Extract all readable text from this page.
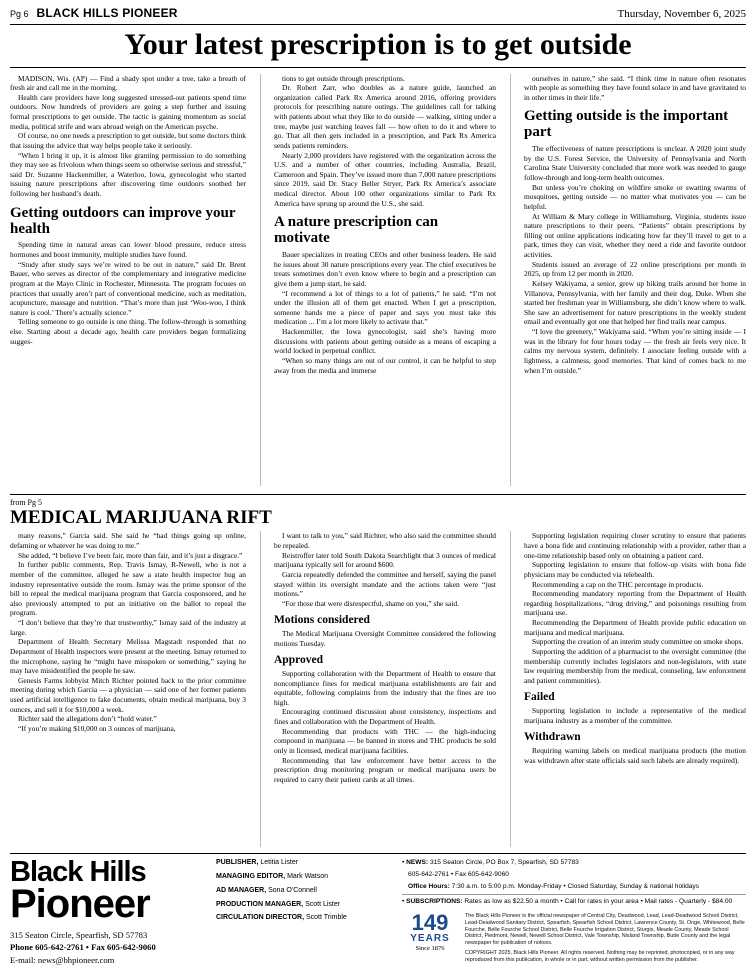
Pg 6 BLACK HILLS PIONEER	Thursday, November 6, 2025
Your latest prescription is to get outside

MADISON, Wis. (AP) — Find a shady spot under a tree, take a breath of fresh air and call me in the morning.

Health care providers have long suggested stressed-out patients spend time outdoors. Now hundreds of providers are going a step further and issuing formal prescriptions to get outside. The tactic is gaining momentum as social media, political strife and wars abroad weigh on the American psyche.

Of course, no one needs a prescription to get outside, but some doctors think that issuing the advice that way helps people take it seriously.

“When I bring it up, it is almost like granting permission to do something they may see as frivolous when things seem so otherwise serious and stressful,” said Dr. Suzanne Hackenmiller, a Waterloo, Iowa, gynecologist who started issuing nature prescriptions after discovering time outdoors soothed her following her husband’s death.

Getting outdoors can improve your health

Spending time in natural areas can lower blood pressure, reduce stress hormones and boost immunity, multiple studies have found.

“Study after study says we’re wired to be out in nature,” said Dr. Brent Bauer, who serves as director of the complementary and integrative medicine program at the Mayo Clinic in Rochester, Minnesota. The program focuses on practices that usually aren’t part of conventional medicine, such as meditation, acupuncture, massage and nutrition. “That’s more than just ‘Woo-woo, I think nature is cool.’ There’s actually science.”

Telling someone to go outside is one thing. The follow-through is something else. Starting about a decade ago, health care providers began formalizing sugges-

tions to get outside through prescriptions.

Dr. Robert Zarr, who doubles as a nature guide, launched an organization called Park Rx America around 2016, offering providers protocols for prescribing nature outings. The guidelines call for talking with patients about what they like to do outside — walking, sitting under a tree, maybe just watching leaves fall — how often to do it and where to go. That all then gets included in a prescription, and Park Rx America sends patients reminders.

Nearly 2,000 providers have registered with the organization across the U.S. and a number of other countries, including Australia, Brazil, Cameroon and Spain. They’ve issued more than 7,000 nature prescriptions since 2019, said Dr. Stacy Beller Stryer, Park Rx America’s associate medical director. About 100 other organizations similar to Park Rx America have sprung up around the U.S., she said.

A nature prescription can motivate

Bauer specializes in treating CEOs and other business leaders. He said he issues about 30 nature prescriptions every year. The chief executives he treats sometimes don’t even know where to begin and a prescription can give them a jump start, he said.

“I recommend a lot of things to a lot of patients,” he said. “I’m not under the illusion all of them get enacted. When I get a prescription, someone hands me a piece of paper and says you must take this medication ... I’m a lot more likely to activate that.”

Hackenmiller, the Iowa gynecologist, said she’s having more discussions with patients about getting outside as a means of escaping a world locked in perpetual conflict.

“When so many things are out of our control, it can be helpful to step away from the media and immerse

ourselves in nature,” she said. “I think time in nature often resonates with people as something they have found solace in and have gravitated to in other times in their life.”

Getting outside is the important part

The effectiveness of nature prescriptions is unclear. A 2020 joint study by the U.S. Forest Service, the University of Pennsylvania and North Carolina State University concluded that more work was needed to gauge follow-through and long-term health outcomes.

But unless you’re choking on wildfire smoke or swatting swarms of mosquitoes, getting outside — no matter what motivates you — can be helpful.

At William & Mary college in Williamsburg, Virginia, students issue nature prescriptions to their peers. “Patients” obtain prescriptions by filling out online applications indicating how far they’ll travel to get to a park, times they can visit, whether they need a ride and favorite outdoor activities.

Students issued an average of 22 online prescriptions per month in 2025, up from 12 per month in 2020.

Kelsey Wakiyama, a senior, grew up hiking trails around her home in Villanova, Pennsylvania, with her family and their dog, Duke. When she started her freshman year in Williamsburg, she didn’t know where to walk. She saw an advertisement for nature prescriptions in the weekly student email and eventually got one that helped her find trails near campus.

“I love the greenery,” Wakiyama said. “When you’re sitting inside — I was in the library for four hours today — the fresh air feels very nice. It calms my nervous system, definitely. I associate feeling outside with a lightness, a calmness, good memories. That kind of comes back to me when I’m outside.”

from Pg 5
MEDICAL MARIJUANA RIFT

many reasons,” Garcia said. She said he “had things going up online, defaming or whatever he was doing to me.”

She added, “I believe I’ve been fair, more than fair, and it’s just a disgrace.”

In further public comments, Rep. Travis Ismay, R-Newell, who is not a member of the committee, alleged he saw a state health inspector hug an industry representative outside the room. Ismay was the prime sponsor of the bill to repeal the medical marijuana program that Garcia cosponsored, and he also previously attempted to put an initiative on the ballot to repeal the program.

“I don’t believe that they’re that trustworthy,” Ismay said of the industry at large.

Department of Health Secretary Melissa Magstadt responded that no Department of Health inspectors were present at the meeting. Ismay returned to the microphone, saying he “might have misspoken or something,” saying he may have misidentified the people he saw.

Genesis Farms lobbyist Mitch Richter pointed back to the prior committee meeting during which Garcia — a physician — said one of her former patients used artificial intelligence to fake documents, obtain medical marijuana, buy 3 ounces, and sell it for $10,000 a week.

Richter said the allegations don’t “hold water.”

“If you’re making $10,000 on 3 ounces of marijuana,

I want to talk to you,” said Richter, who also said the committee should be repealed.

Reistroffer later told South Dakota Searchlight that 3 ounces of medical marijuana typically sell for around $600.

Garcia repeatedly defended the committee and herself, saying the panel stayed within its oversight mandate and the actions taken were “just motions.”

“For those that were disrespectful, shame on you,” she said.

Motions considered

The Medical Marijuana Oversight Committee considered the following motions Tuesday.

Approved

Supporting collaboration with the Department of Health to ensure that noncompliance fines for medical marijuana establishments are fair and equitable, following complaints from the industry that the fines are too high.

Encouraging continued discussion about consistency, inspections and fines and collaboration with the Department of Health.

Recommending that products with THC — the high-inducing compound in marijuana — be banned in stores and THC products be sold only in licensed, medical marijuana facilities.

Recommending that law enforcement have better access to the prescription drug monitoring program or medical marijuana users be required to carry their patient cards at all times.

Supporting legislation requiring closer scrutiny to ensure that patients have a bona fide and continuing relationship with a provider, rather than a one-time relationship based only on obtaining a patient card.

Supporting legislation to ensure that follow-up visits with bona fide physicians may be conducted via telehealth.

Recommending a cap on the THC percentage in products.

Recommending mandatory reporting from the Department of Health regarding hospitalizations, “drug driving,” and poisonings resulting from marijuana use.

Recommending the Department of Health provide public education on marijuana and medical marijuana.

Supporting the creation of an interim study committee on smoke shops.

Supporting the addition of a pharmacist to the oversight committee (the membership currently includes legislators and non-legislators, with state law requiring membership from the medical, counseling, law enforcement and patient communities).

Failed

Supporting legislation to include a representative of the medical marijuana industry as a member of the committee.

Withdrawn

Requiring warning labels on medical marijuana products (the motion was withdrawn after state officials said such labels are already required).

Black Hills
Pioneer
315 Seaton Circle, Spearfish, SD 57783
Phone 605-642-2761 • Fax 605-642-9060
E-mail: news@bhpioneer.com
PUBLISHER, Letitia Lister
MANAGING EDITOR, Mark Watson
AD MANAGER, Sona O'Connell
PRODUCTION MANAGER, Scott Lister
CIRCULATION DIRECTOR, Scott Trimble
• NEWS: 315 Seaton Circle, PO Box 7, Spearfish, SD 57783
605-642-2761 • Fax 605-642-9060
Office Hours: 7:30 a.m. to 5:00 p.m. Monday-Friday • Closed Saturday, Sunday & national holidays
• SUBSCRIPTIONS: Rates as low as $22.50 a month • Call for rates in your area • Mail rates - Quarterly - $84.00
149
YEARS
Since 1876
The Black Hills Pioneer is the official newspaper of Central City, Deadwood, Lead, Lead-Deadwood School District, Lead-Deadwood Sanitary District, Spearfish, Spearfish School District, Lawrence County, St. Onge, Whitewood, Belle Fourche, Belle Fourche School District, Belle Fourche Irrigation District, Sturgis, Meade County, Meade School District, Piedmont, Newell, Newell School District, Vale Township, Nisland Township, Butte County and the legal newspaper for publication of notices.
COPYRIGHT 2025, Black Hills Pioneer. All rights reserved. Nothing may be reprinted, photocopied, or in any way reproduced from this publication, in whole or in part, without written permission from the publisher.
